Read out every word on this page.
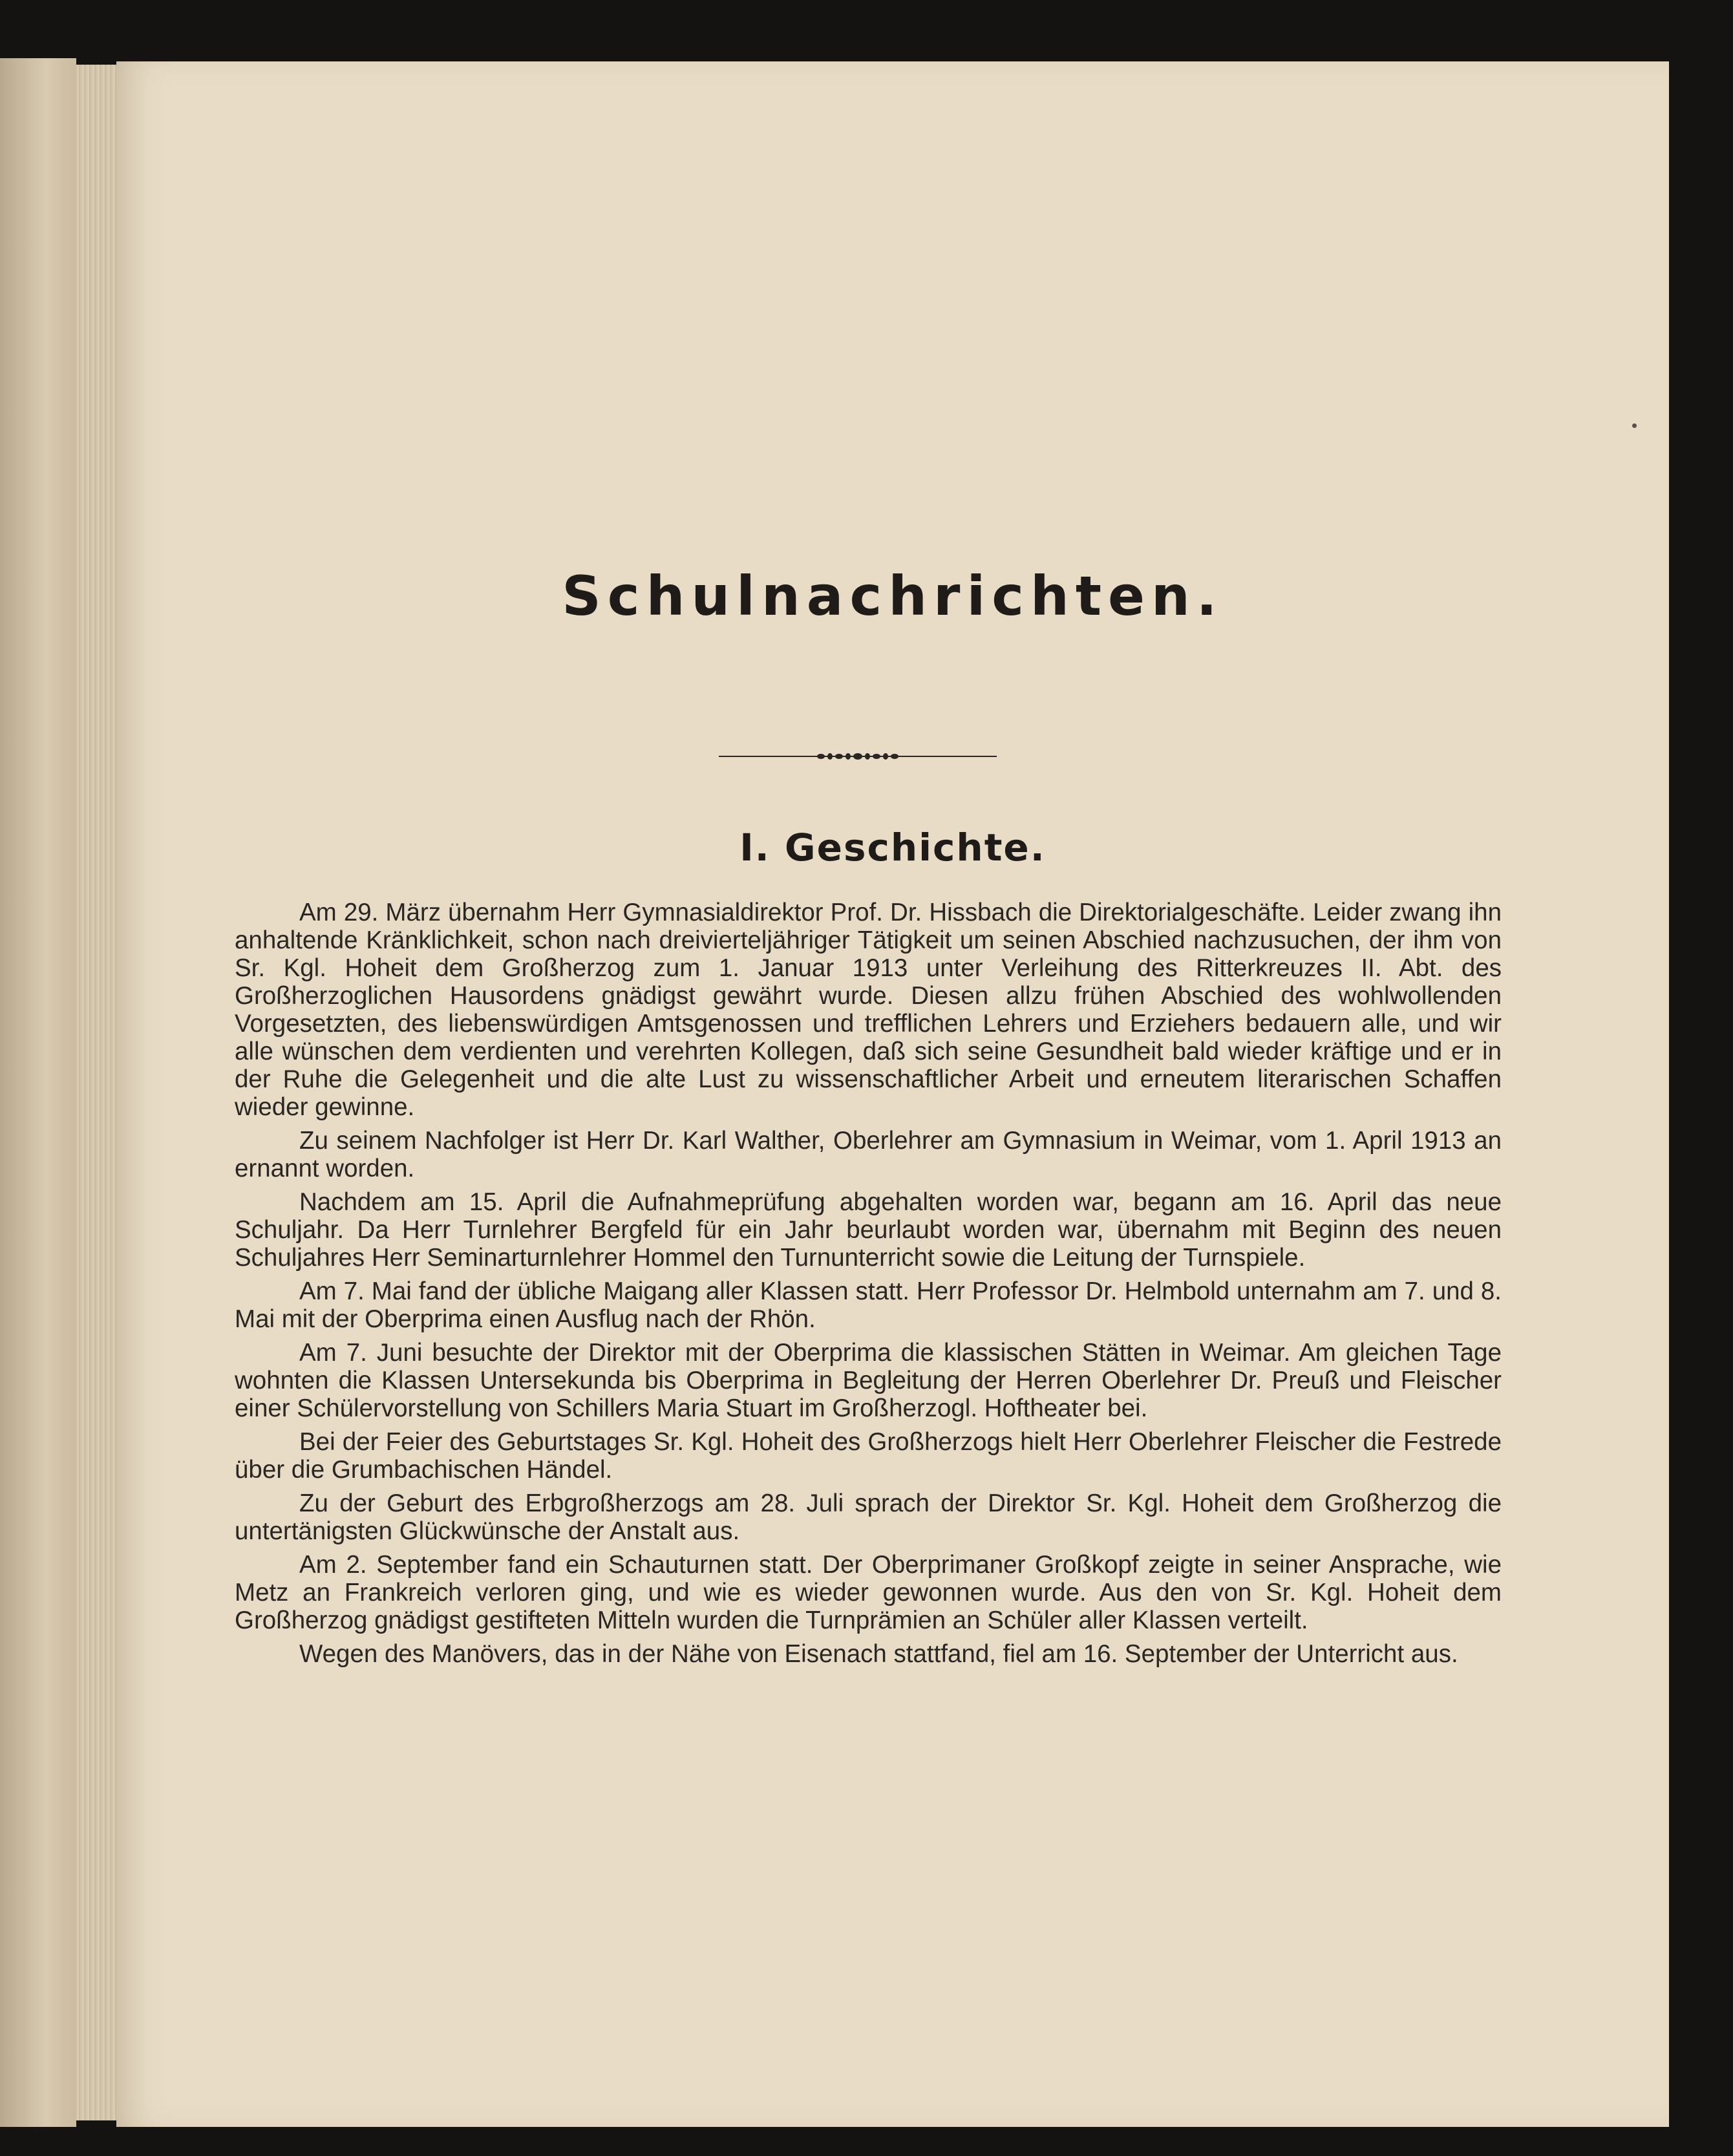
Schulnachrichten.
I. Geschichte.

Am 29. März übernahm Herr Gymnasialdirektor Prof. Dr. Hissbach die Direktorialgeschäfte. Leider zwang ihn anhaltende Kränklichkeit, schon nach dreivierteljähriger Tätigkeit um seinen Abschied nachzusuchen, der ihm von Sr. Kgl. Hoheit dem Großherzog zum 1. Januar 1913 unter Verleihung des Ritterkreuzes II. Abt. des Großherzoglichen Hausordens gnädigst gewährt wurde. Diesen allzu frühen Abschied des wohlwollenden Vorgesetzten, des liebenswürdigen Amtsgenossen und trefflichen Lehrers und Erziehers bedauern alle, und wir alle wünschen dem verdienten und verehrten Kollegen, daß sich seine Gesundheit bald wieder kräftige und er in der Ruhe die Gelegenheit und die alte Lust zu wissenschaftlicher Arbeit und erneutem literarischen Schaffen wieder gewinne.

Zu seinem Nachfolger ist Herr Dr. Karl Walther, Oberlehrer am Gymnasium in Weimar, vom 1. April 1913 an ernannt worden.

Nachdem am 15. April die Aufnahmeprüfung abgehalten worden war, begann am 16. April das neue Schuljahr. Da Herr Turnlehrer Bergfeld für ein Jahr beurlaubt worden war, übernahm mit Beginn des neuen Schuljahres Herr Seminarturnlehrer Hommel den Turnunterricht sowie die Leitung der Turnspiele.

Am 7. Mai fand der übliche Maigang aller Klassen statt. Herr Professor Dr. Helmbold unternahm am 7. und 8. Mai mit der Oberprima einen Ausflug nach der Rhön.

Am 7. Juni besuchte der Direktor mit der Oberprima die klassischen Stätten in Weimar. Am gleichen Tage wohnten die Klassen Untersekunda bis Oberprima in Begleitung der Herren Oberlehrer Dr. Preuß und Fleischer einer Schülervorstellung von Schillers Maria Stuart im Großherzogl. Hoftheater bei.

Bei der Feier des Geburtstages Sr. Kgl. Hoheit des Großherzogs hielt Herr Oberlehrer Fleischer die Festrede über die Grumbachischen Händel.

Zu der Geburt des Erbgroßherzogs am 28. Juli sprach der Direktor Sr. Kgl. Hoheit dem Großherzog die untertänigsten Glückwünsche der Anstalt aus.

Am 2. September fand ein Schauturnen statt. Der Oberprimaner Großkopf zeigte in seiner Ansprache, wie Metz an Frankreich verloren ging, und wie es wieder gewonnen wurde. Aus den von Sr. Kgl. Hoheit dem Großherzog gnädigst gestifteten Mitteln wurden die Turnprämien an Schüler aller Klassen verteilt.

Wegen des Manövers, das in der Nähe von Eisenach stattfand, fiel am 16. September der Unterricht aus.
